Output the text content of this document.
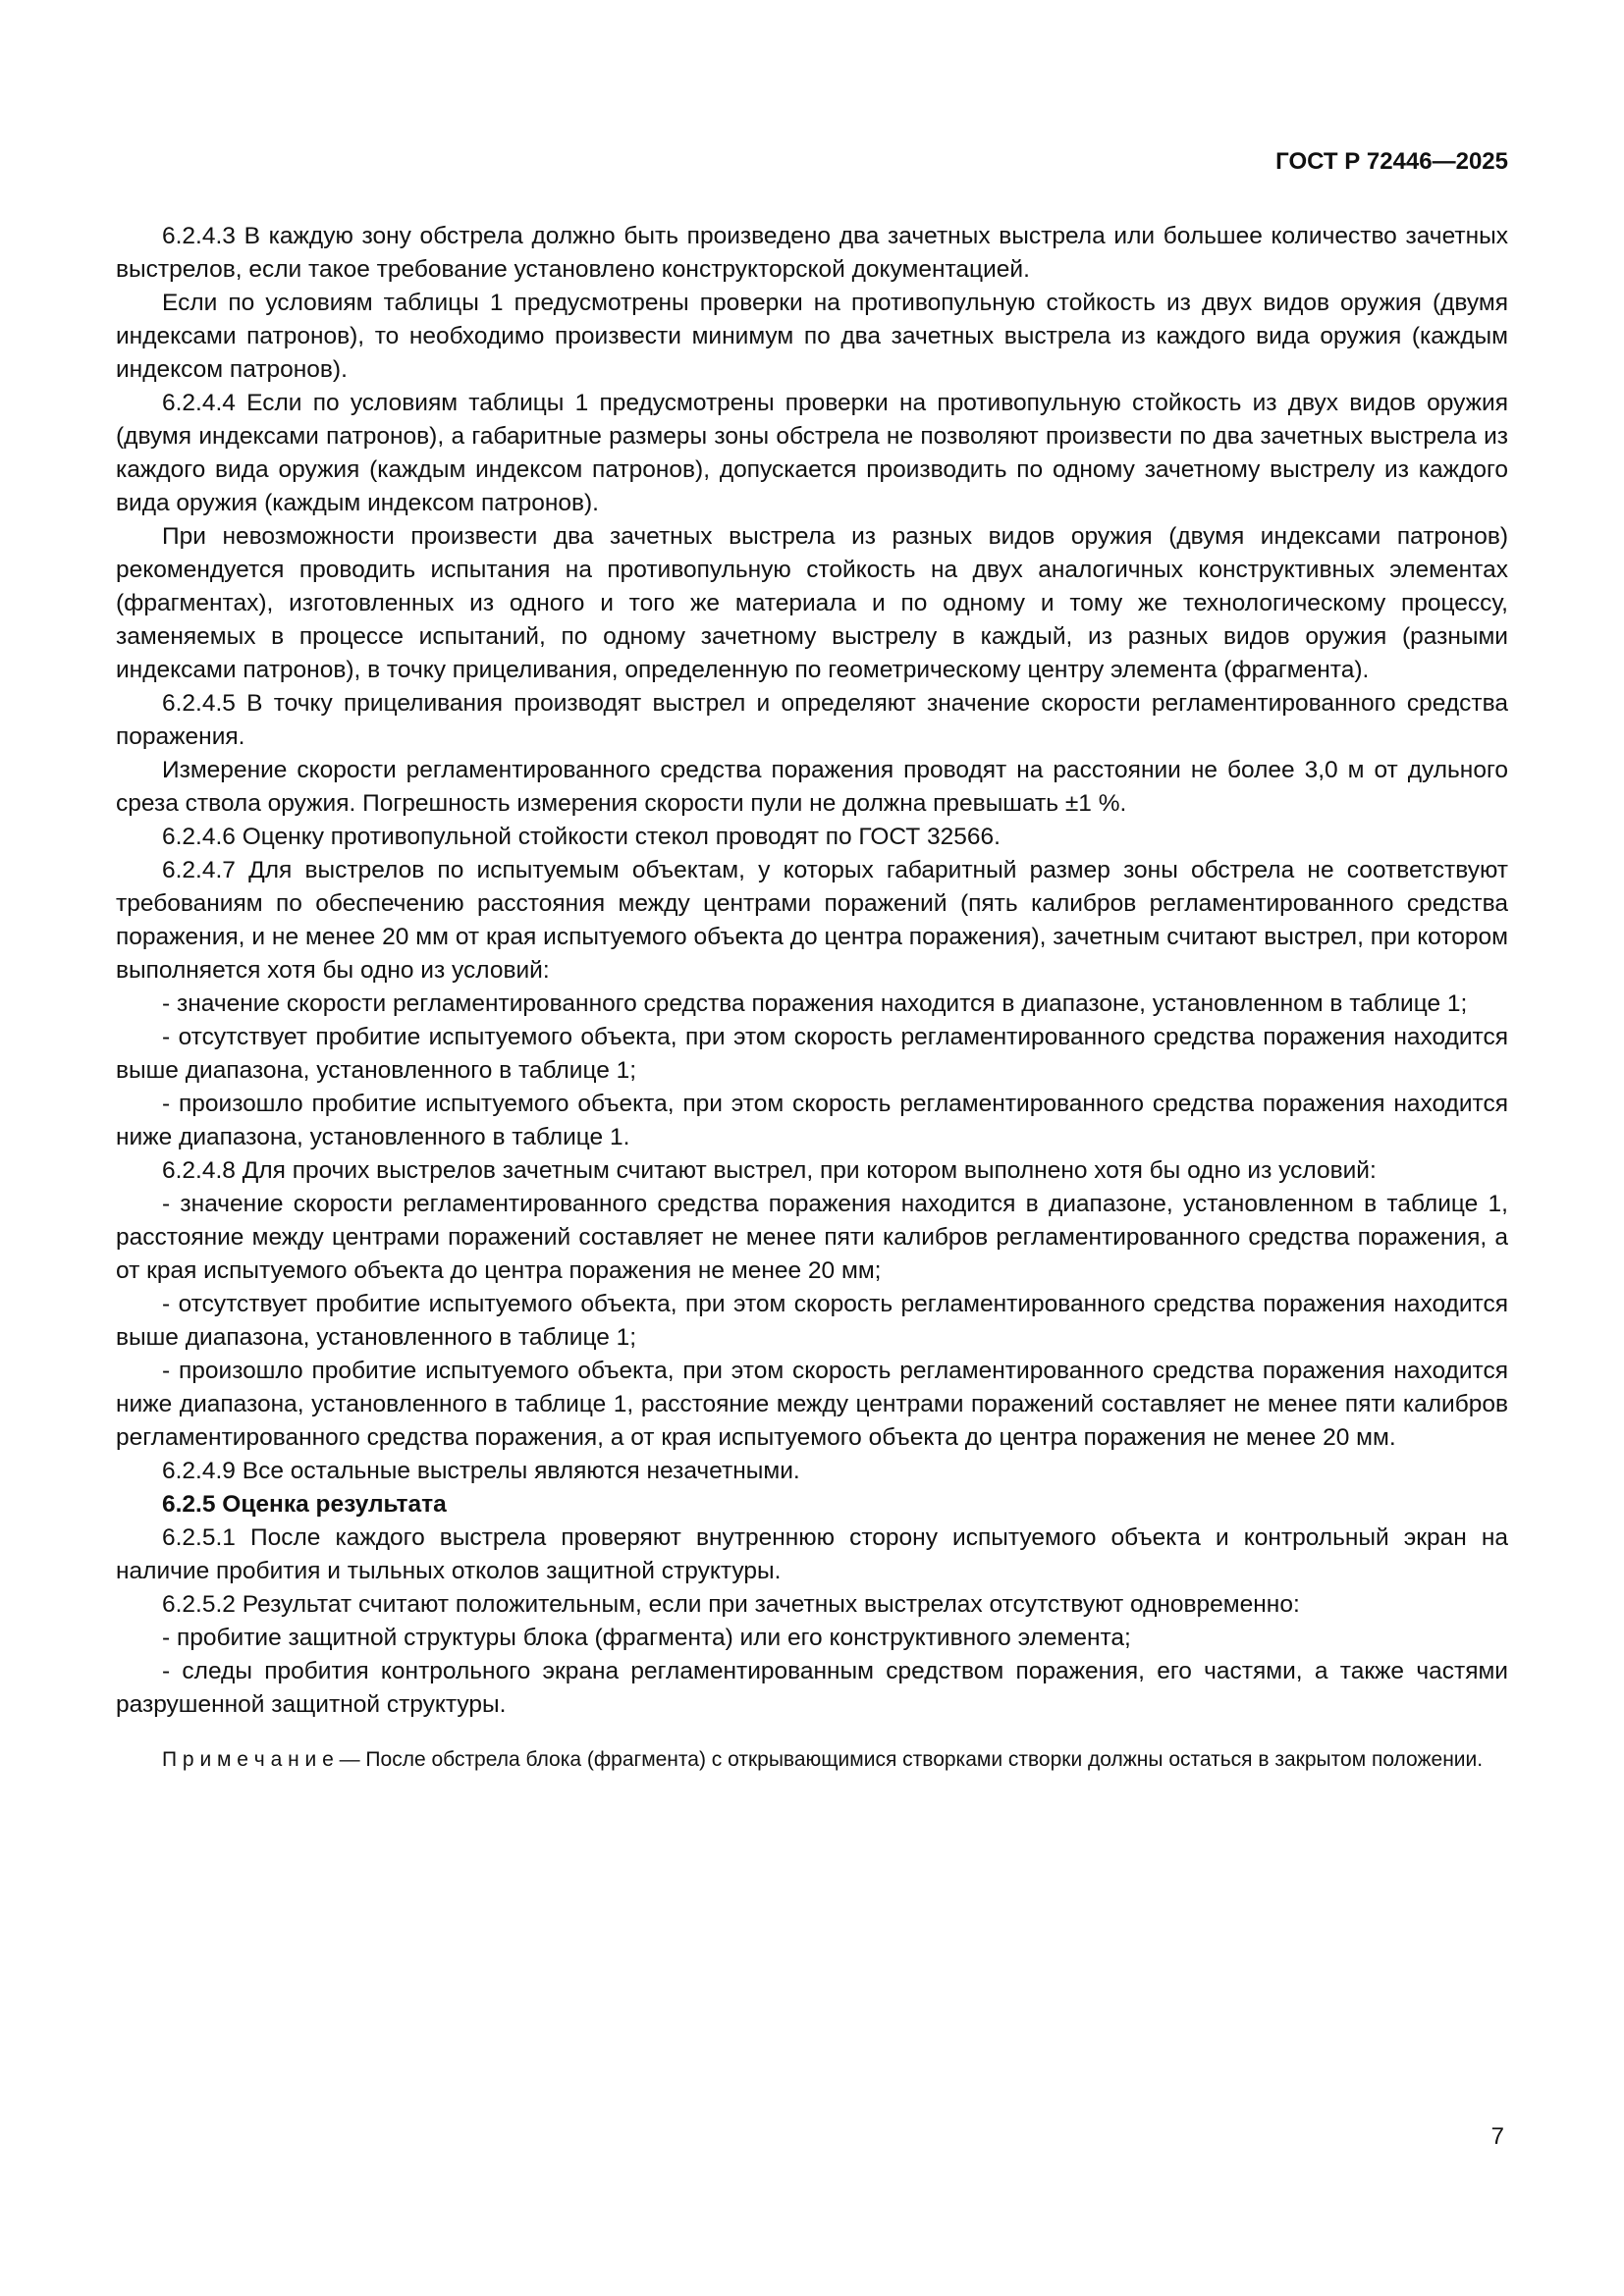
ГОСТ Р 72446—2025

6.2.4.3 В каждую зону обстрела должно быть произведено два зачетных выстрела или большее количество зачетных выстрелов, если такое требование установлено конструкторской документацией.

Если по условиям таблицы 1 предусмотрены проверки на противопульную стойкость из двух видов оружия (двумя индексами патронов), то необходимо произвести минимум по два зачетных выстрела из каждого вида оружия (каждым индексом патронов).

6.2.4.4 Если по условиям таблицы 1 предусмотрены проверки на противопульную стойкость из двух видов оружия (двумя индексами патронов), а габаритные размеры зоны обстрела не позволяют произвести по два зачетных выстрела из каждого вида оружия (каждым индексом патронов), допускается производить по одному зачетному выстрелу из каждого вида оружия (каждым индексом патронов).

При невозможности произвести два зачетных выстрела из разных видов оружия (двумя индексами патронов) рекомендуется проводить испытания на противопульную стойкость на двух аналогичных конструктивных элементах (фрагментах), изготовленных из одного и того же материала и по одному и тому же технологическому процессу, заменяемых в процессе испытаний, по одному зачетному выстрелу в каждый, из разных видов оружия (разными индексами патронов), в точку прицеливания, определенную по геометрическому центру элемента (фрагмента).

6.2.4.5 В точку прицеливания производят выстрел и определяют значение скорости регламентированного средства поражения.

Измерение скорости регламентированного средства поражения проводят на расстоянии не более 3,0 м от дульного среза ствола оружия. Погрешность измерения скорости пули не должна превышать ±1 %.

6.2.4.6 Оценку противопульной стойкости стекол проводят по ГОСТ 32566.

6.2.4.7 Для выстрелов по испытуемым объектам, у которых габаритный размер зоны обстрела не соответствуют требованиям по обеспечению расстояния между центрами поражений (пять калибров регламентированного средства поражения, и не менее 20 мм от края испытуемого объекта до центра поражения), зачетным считают выстрел, при котором выполняется хотя бы одно из условий:

- значение скорости регламентированного средства поражения находится в диапазоне, установленном в таблице 1;

- отсутствует пробитие испытуемого объекта, при этом скорость регламентированного средства поражения находится выше диапазона, установленного в таблице 1;

- произошло пробитие испытуемого объекта, при этом скорость регламентированного средства поражения находится ниже диапазона, установленного в таблице 1.

6.2.4.8 Для прочих выстрелов зачетным считают выстрел, при котором выполнено хотя бы одно из условий:

- значение скорости регламентированного средства поражения находится в диапазоне, установленном в таблице 1, расстояние между центрами поражений составляет не менее пяти калибров регламентированного средства поражения, а от края испытуемого объекта до центра поражения не менее 20 мм;

- отсутствует пробитие испытуемого объекта, при этом скорость регламентированного средства поражения находится выше диапазона, установленного в таблице 1;

- произошло пробитие испытуемого объекта, при этом скорость регламентированного средства поражения находится ниже диапазона, установленного в таблице 1, расстояние между центрами поражений составляет не менее пяти калибров регламентированного средства поражения, а от края испытуемого объекта до центра поражения не менее 20 мм.

6.2.4.9 Все остальные выстрелы являются незачетными.

6.2.5 Оценка результата

6.2.5.1 После каждого выстрела проверяют внутреннюю сторону испытуемого объекта и контрольный экран на наличие пробития и тыльных отколов защитной структуры.

6.2.5.2 Результат считают положительным, если при зачетных выстрелах отсутствуют одновременно:

- пробитие защитной структуры блока (фрагмента) или его конструктивного элемента;

- следы пробития контрольного экрана регламентированным средством поражения, его частями, а также частями разрушенной защитной структуры.

П р и м е ч а н и е — После обстрела блока (фрагмента) с открывающимися створками створки должны остаться в закрытом положении.

7
